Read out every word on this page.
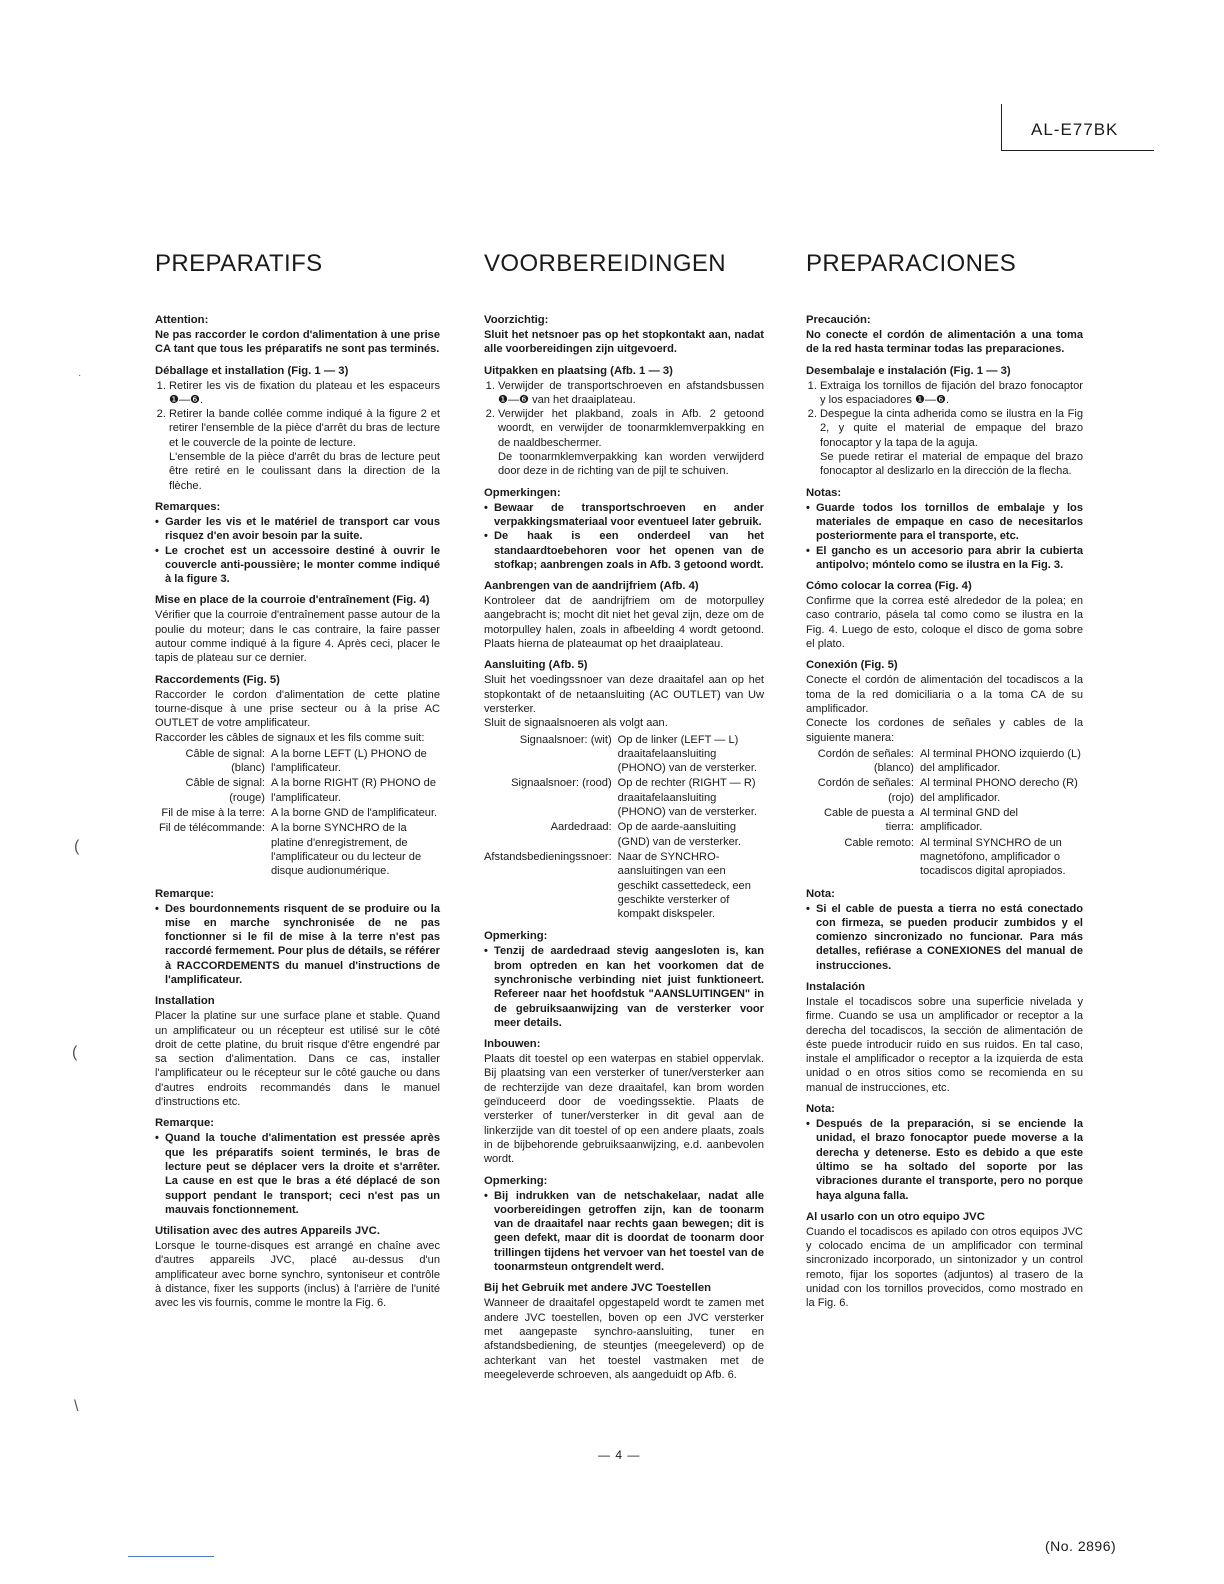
AL-E77BK
·
(
(
\
PREPARATIFS
Attention:

Ne pas raccorder le cordon d'alimentation à une prise CA tant que tous les préparatifs ne sont pas terminés.

Déballage et installation (Fig. 1 — 3)

1. Retirer les vis de fixation du plateau et les espaceurs ❶—❻.

2. Retirer la bande collée comme indiqué à la figure 2 et retirer l'ensemble de la pièce d'arrêt du bras de lecture et le couvercle de la pointe de lecture.

L'ensemble de la pièce d'arrêt du bras de lecture peut être retiré en le coulissant dans la direction de la flèche.

Remarques:
• Garder les vis et le matériel de transport car vous risquez d'en avoir besoin par la suite.
• Le crochet est un accessoire destiné à ouvrir le couvercle anti-poussière; le monter comme indiqué à la figure 3.
Mise en place de la courroie d'entraînement (Fig. 4)

Vérifier que la courroie d'entraînement passe autour de la poulie du moteur; dans le cas contraire, la faire passer autour comme indiqué à la figure 4. Après ceci, placer le tapis de plateau sur ce dernier.

Raccordements (Fig. 5)

Raccorder le cordon d'alimentation de cette platine tourne-disque à une prise secteur ou à la prise AC OUTLET de votre amplificateur.

Raccorder les câbles de signaux et les fils comme suit:

Câble de signal: (blanc)	A la borne LEFT (L) PHONO de l'amplificateur.
Câble de signal: (rouge)	A la borne RIGHT (R) PHONO de l'amplificateur.
Fil de mise à la terre:	A la borne GND de l'amplificateur.
Fil de télécommande:	A la borne SYNCHRO de la platine d'enregistrement, de l'amplificateur ou du lecteur de disque audionumérique.
Remarque:
• Des bourdonnements risquent de se produire ou la mise en marche synchronisée de ne pas fonctionner si le fil de mise à la terre n'est pas raccordé fermement. Pour plus de détails, se référer à RACCORDEMENTS du manuel d'instructions de l'amplificateur.
Installation

Placer la platine sur une surface plane et stable. Quand un amplificateur ou un récepteur est utilisé sur le côté droit de cette platine, du bruit risque d'être engendré par sa section d'alimentation. Dans ce cas, installer l'amplificateur ou le récepteur sur le côté gauche ou dans d'autres endroits recommandés dans le manuel d'instructions etc.

Remarque:
• Quand la touche d'alimentation est pressée après que les préparatifs soient terminés, le bras de lecture peut se déplacer vers la droite et s'arrêter. La cause en est que le bras a été déplacé de son support pendant le transport; ceci n'est pas un mauvais fonctionnement.
Utilisation avec des autres Appareils JVC.

Lorsque le tourne-disques est arrangé en chaîne avec d'autres appareils JVC, placé au-dessus d'un amplificateur avec borne synchro, syntoniseur et contrôle à distance, fixer les supports (inclus) à l'arrière de l'unité avec les vis fournis, comme le montre la Fig. 6.

VOORBEREIDINGEN
Voorzichtig:

Sluit het netsnoer pas op het stopkontakt aan, nadat alle voorbereidingen zijn uitgevoerd.

Uitpakken en plaatsing (Afb. 1 — 3)

1. Verwijder de transportschroeven en afstandsbussen ❶—❻ van het draaiplateau.

2. Verwijder het plakband, zoals in Afb. 2 getoond woordt, en verwijder de toonarmklemverpakking en de naaldbeschermer.

De toonarmklemverpakking kan worden verwijderd door deze in de richting van de pijl te schuiven.

Opmerkingen:
• Bewaar de transportschroeven en ander verpakkingsmateriaal voor eventueel later gebruik.
• De haak is een onderdeel van het standaardtoebehoren voor het openen van de stofkap; aanbrengen zoals in Afb. 3 getoond wordt.
Aanbrengen van de aandrijfriem (Afb. 4)

Kontroleer dat de aandrijfriem om de motorpulley aangebracht is; mocht dit niet het geval zijn, deze om de motorpulley halen, zoals in afbeelding 4 wordt getoond. Plaats hierna de plateaumat op het draaiplateau.

Aansluiting (Afb. 5)

Sluit het voedingssnoer van deze draaitafel aan op het stopkontakt of de netaansluiting (AC OUTLET) van Uw versterker.

Sluit de signaalsnoeren als volgt aan.

Signaalsnoer: (wit)	Op de linker (LEFT — L) draaitafelaansluiting (PHONO) van de versterker.
Signaalsnoer: (rood)	Op de rechter (RIGHT — R) draaitafelaansluiting (PHONO) van de versterker.
Aardedraad:	Op de aarde-aansluiting (GND) van de versterker.
Afstandsbedieningssnoer:	Naar de SYNCHRO-aansluitingen van een geschikt cassettedeck, een geschikte versterker of kompakt diskspeler.
Opmerking:
• Tenzij de aardedraad stevig aangesloten is, kan brom optreden en kan het voorkomen dat de synchronische verbinding niet juist funktioneert. Refereer naar het hoofdstuk "AANSLUITINGEN" in de gebruiksaanwijzing van de versterker voor meer details.
Inbouwen:

Plaats dit toestel op een waterpas en stabiel oppervlak. Bij plaatsing van een versterker of tuner/versterker aan de rechterzijde van deze draaitafel, kan brom worden geïnduceerd door de voedingssektie. Plaats de versterker of tuner/versterker in dit geval aan de linkerzijde van dit toestel of op een andere plaats, zoals in de bijbehorende gebruiksaanwijzing, e.d. aanbevolen wordt.

Opmerking:
• Bij indrukken van de netschakelaar, nadat alle voorbereidingen getroffen zijn, kan de toonarm van de draaitafel naar rechts gaan bewegen; dit is geen defekt, maar dit is doordat de toonarm door trillingen tijdens het vervoer van het toestel van de toonarmsteun ontgrendelt werd.
Bij het Gebruik met andere JVC Toestellen

Wanneer de draaitafel opgestapeld wordt te zamen met andere JVC toestellen, boven op een JVC versterker met aangepaste synchro-aansluiting, tuner en afstandsbediening, de steuntjes (meegeleverd) op de achterkant van het toestel vastmaken met de meegeleverde schroeven, als aangeduidt op Afb. 6.

PREPARACIONES
Precaución:

No conecte el cordón de alimentación a una toma de la red hasta terminar todas las preparaciones.

Desembalaje e instalación (Fig. 1 — 3)

1. Extraiga los tornillos de fijación del brazo fonocaptor y los espaciadores ❶—❻.

2. Despegue la cinta adherida como se ilustra en la Fig 2, y quite el material de empaque del brazo fonocaptor y la tapa de la aguja.

Se puede retirar el material de empaque del brazo fonocaptor al deslizarlo en la dirección de la flecha.

Notas:
• Guarde todos los tornillos de embalaje y los materiales de empaque en caso de necesitarlos posteriormente para el transporte, etc.
• El gancho es un accesorio para abrir la cubierta antipolvo; móntelo como se ilustra en la Fig. 3.
Cómo colocar la correa (Fig. 4)

Confirme que la correa esté alrededor de la polea; en caso contrario, pásela tal como como se ilustra en la Fig. 4. Luego de esto, coloque el disco de goma sobre el plato.

Conexión (Fig. 5)

Conecte el cordón de alimentación del tocadiscos a la toma de la red domiciliaria o a la toma CA de su amplificador.

Conecte los cordones de señales y cables de la siguiente manera:

Cordón de señales: (blanco)	Al terminal PHONO izquierdo (L) del amplificador.
Cordón de señales: (rojo)	Al terminal PHONO derecho (R) del amplificador.
Cable de puesta a tierra:	Al terminal GND del amplificador.
Cable remoto:	Al terminal SYNCHRO de un magnetófono, amplificador o tocadiscos digital apropiados.
Nota:
• Si el cable de puesta a tierra no está conectado con firmeza, se pueden producir zumbidos y el comienzo sincronizado no funcionar. Para más detalles, refiérase a CONEXIONES del manual de instrucciones.
Instalación

Instale el tocadiscos sobre una superficie nivelada y firme. Cuando se usa un amplificador or receptor a la derecha del tocadiscos, la sección de alimentación de éste puede introducir ruido en sus ruidos. En tal caso, instale el amplificador o receptor a la izquierda de esta unidad o en otros sitios como se recomienda en su manual de instrucciones, etc.

Nota:
• Después de la preparación, si se enciende la unidad, el brazo fonocaptor puede moverse a la derecha y detenerse. Esto es debido a que este último se ha soltado del soporte por las vibraciones durante el transporte, pero no porque haya alguna falla.
Al usarlo con un otro equipo JVC

Cuando el tocadiscos es apilado con otros equipos JVC y colocado encima de un amplificador con terminal sincronizado incorporado, un sintonizador y un control remoto, fijar los soportes (adjuntos) al trasero de la unidad con los tornillos provecidos, como mostrado en la Fig. 6.

— 4 —
(No. 2896)
